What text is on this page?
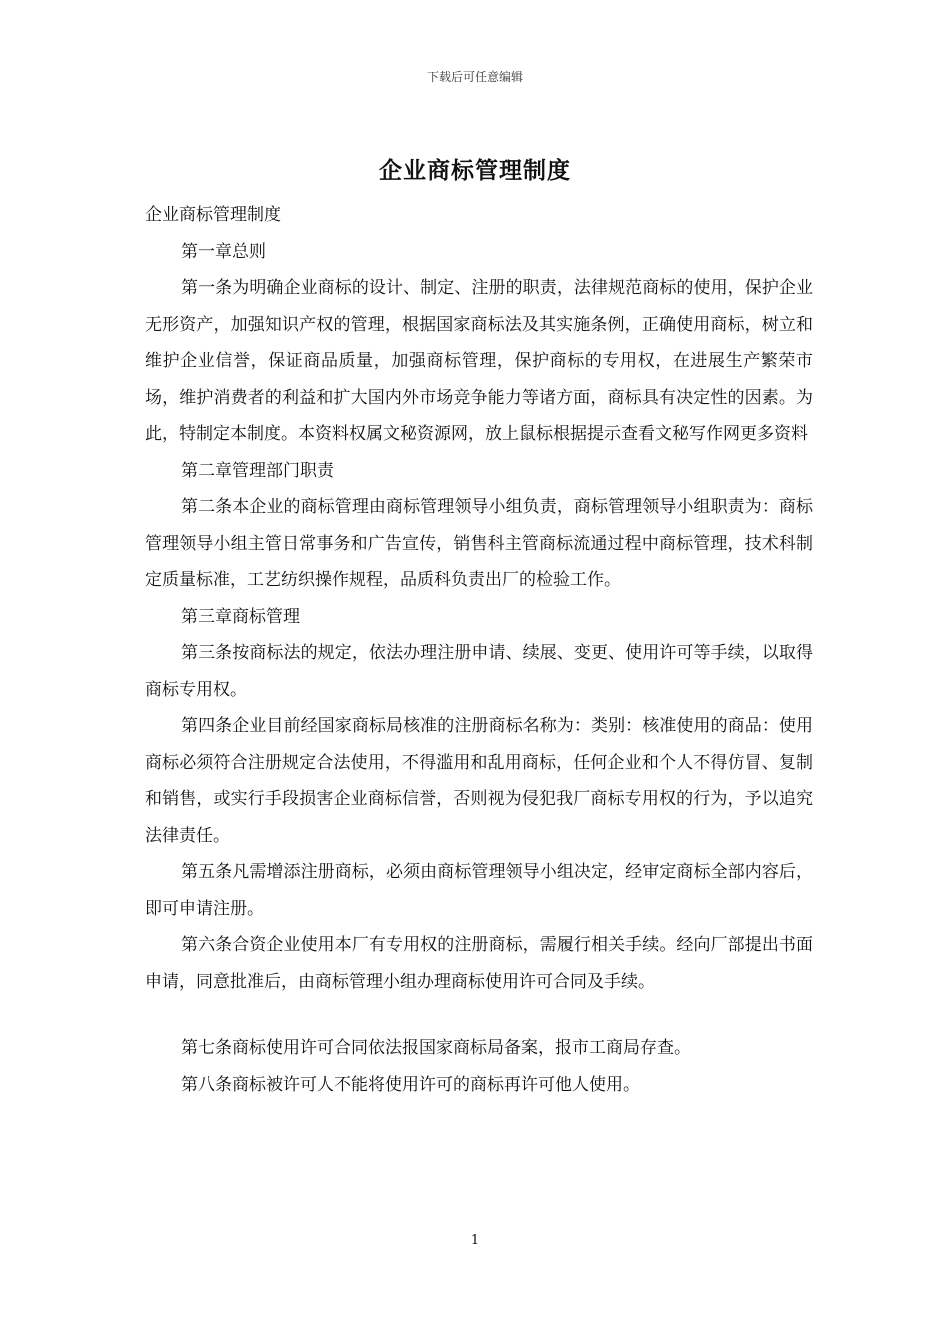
下载后可任意编辑
企业商标管理制度

企业商标管理制度

第一章总则

第一条为明确企业商标的设计、制定、注册的职责，法律规范商标的使用，保护企业无形资产，加强知识产权的管理，根据国家商标法及其实施条例，正确使用商标，树立和维护企业信誉，保证商品质量，加强商标管理，保护商标的专用权，在进展生产繁荣市场，维护消费者的利益和扩大国内外市场竞争能力等诸方面，商标具有决定性的因素。为此，特制定本制度。本资料权属文秘资源网，放上鼠标根据提示查看文秘写作网更多资料

第二章管理部门职责

第二条本企业的商标管理由商标管理领导小组负责，商标管理领导小组职责为：商标管理领导小组主管日常事务和广告宣传，销售科主管商标流通过程中商标管理，技术科制定质量标准，工艺纺织操作规程，品质科负责出厂的检验工作。

第三章商标管理

第三条按商标法的规定，依法办理注册申请、续展、变更、使用许可等手续，以取得商标专用权。

第四条企业目前经国家商标局核准的注册商标名称为：类别：核准使用的商品：使用商标必须符合注册规定合法使用，不得滥用和乱用商标，任何企业和个人不得仿冒、复制和销售，或实行手段损害企业商标信誉，否则视为侵犯我厂商标专用权的行为，予以追究法律责任。

第五条凡需增添注册商标，必须由商标管理领导小组决定，经审定商标全部内容后，即可申请注册。

第六条合资企业使用本厂有专用权的注册商标，需履行相关手续。经向厂部提出书面申请，同意批准后，由商标管理小组办理商标使用许可合同及手续。

第七条商标使用许可合同依法报国家商标局备案，报市工商局存查。

第八条商标被许可人不能将使用许可的商标再许可他人使用。

1
